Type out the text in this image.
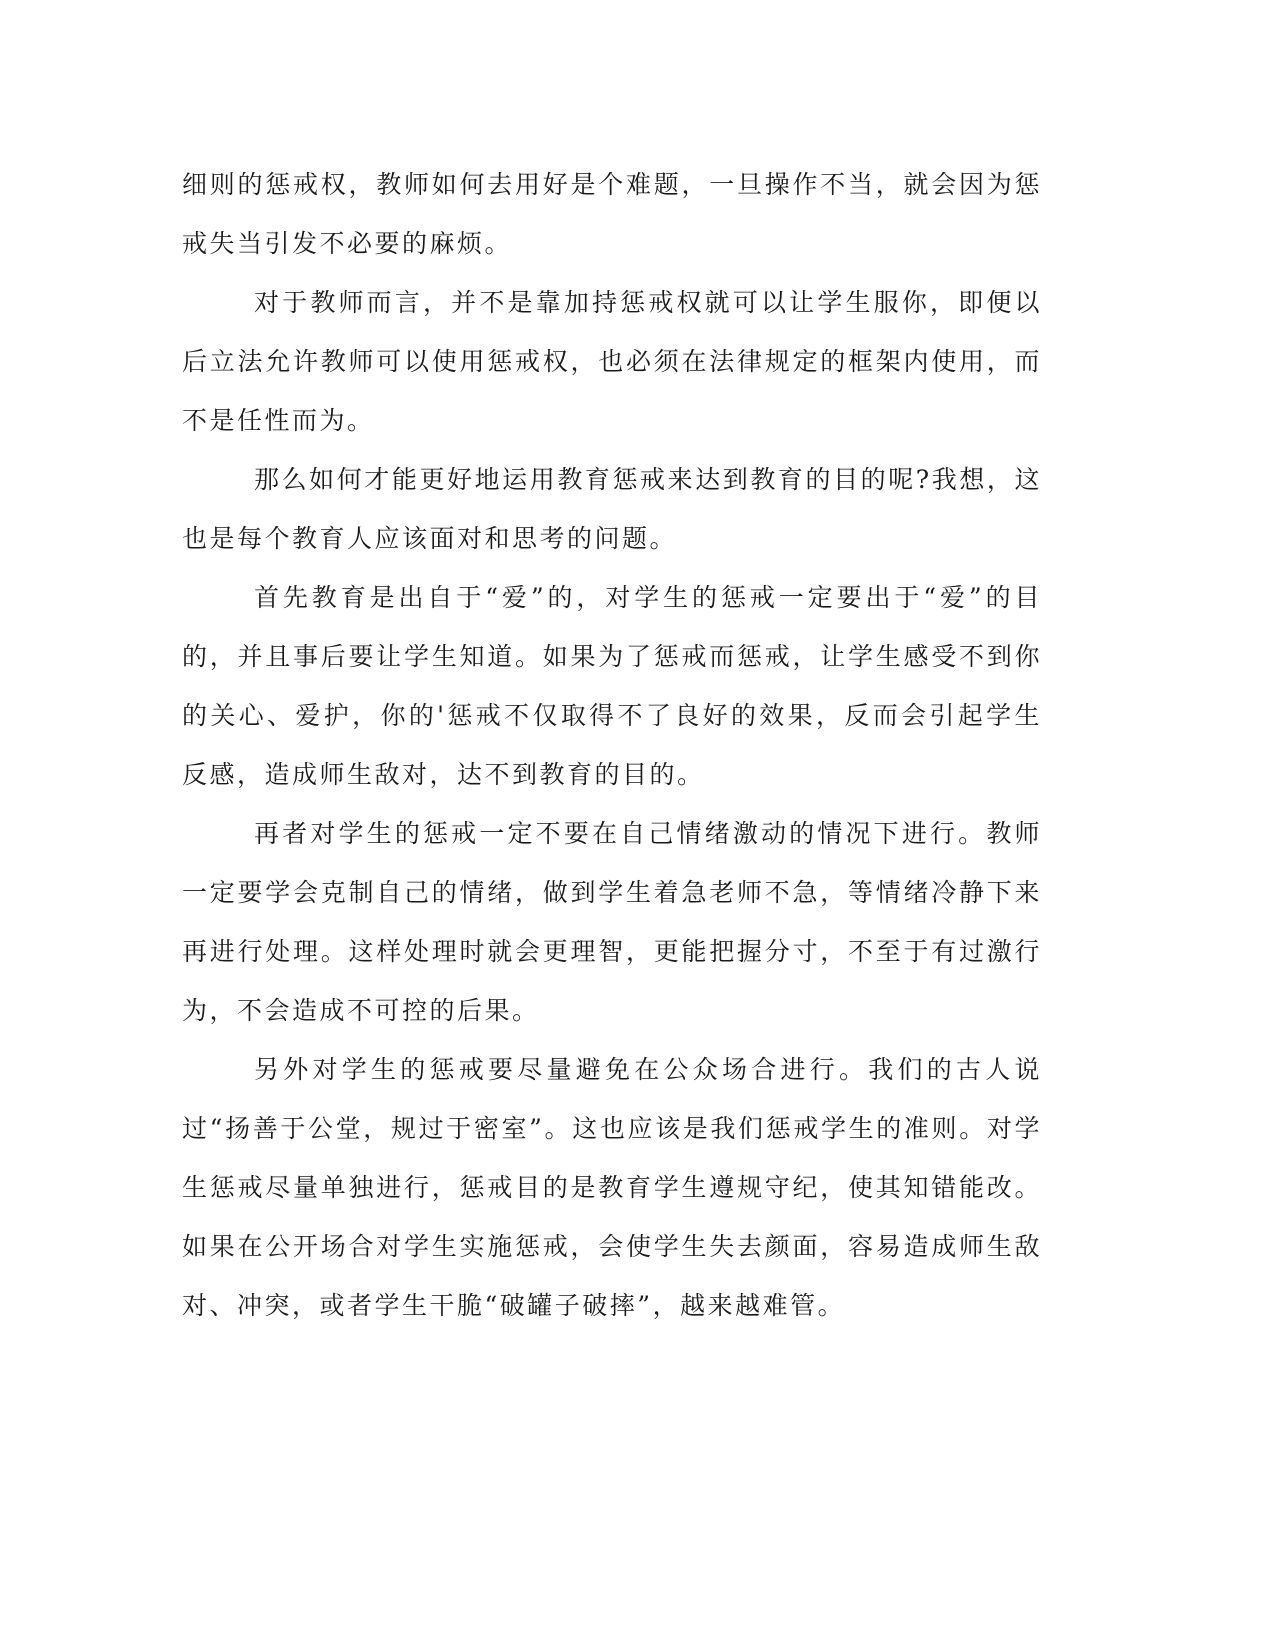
细则的惩戒权，教师如何去用好是个难题，一旦操作不当，就会因为惩戒失当引发不必要的麻烦。

对于教师而言，并不是靠加持惩戒权就可以让学生服你，即便以后立法允许教师可以使用惩戒权，也必须在法律规定的框架内使用，而不是任性而为。

那么如何才能更好地运用教育惩戒来达到教育的目的呢?我想，这也是每个教育人应该面对和思考的问题。

首先教育是出自于“爱”的，对学生的惩戒一定要出于“爱”的目的，并且事后要让学生知道。如果为了惩戒而惩戒，让学生感受不到你的关心、爱护，你的'惩戒不仅取得不了良好的效果，反而会引起学生反感，造成师生敌对，达不到教育的目的。

再者对学生的惩戒一定不要在自己情绪激动的情况下进行。教师一定要学会克制自己的情绪，做到学生着急老师不急，等情绪冷静下来再进行处理。这样处理时就会更理智，更能把握分寸，不至于有过激行为，不会造成不可控的后果。

另外对学生的惩戒要尽量避免在公众场合进行。我们的古人说过“扬善于公堂，规过于密室”。这也应该是我们惩戒学生的准则。对学生惩戒尽量单独进行，惩戒目的是教育学生遵规守纪，使其知错能改。如果在公开场合对学生实施惩戒，会使学生失去颜面，容易造成师生敌对、冲突，或者学生干脆“破罐子破摔”，越来越难管。
